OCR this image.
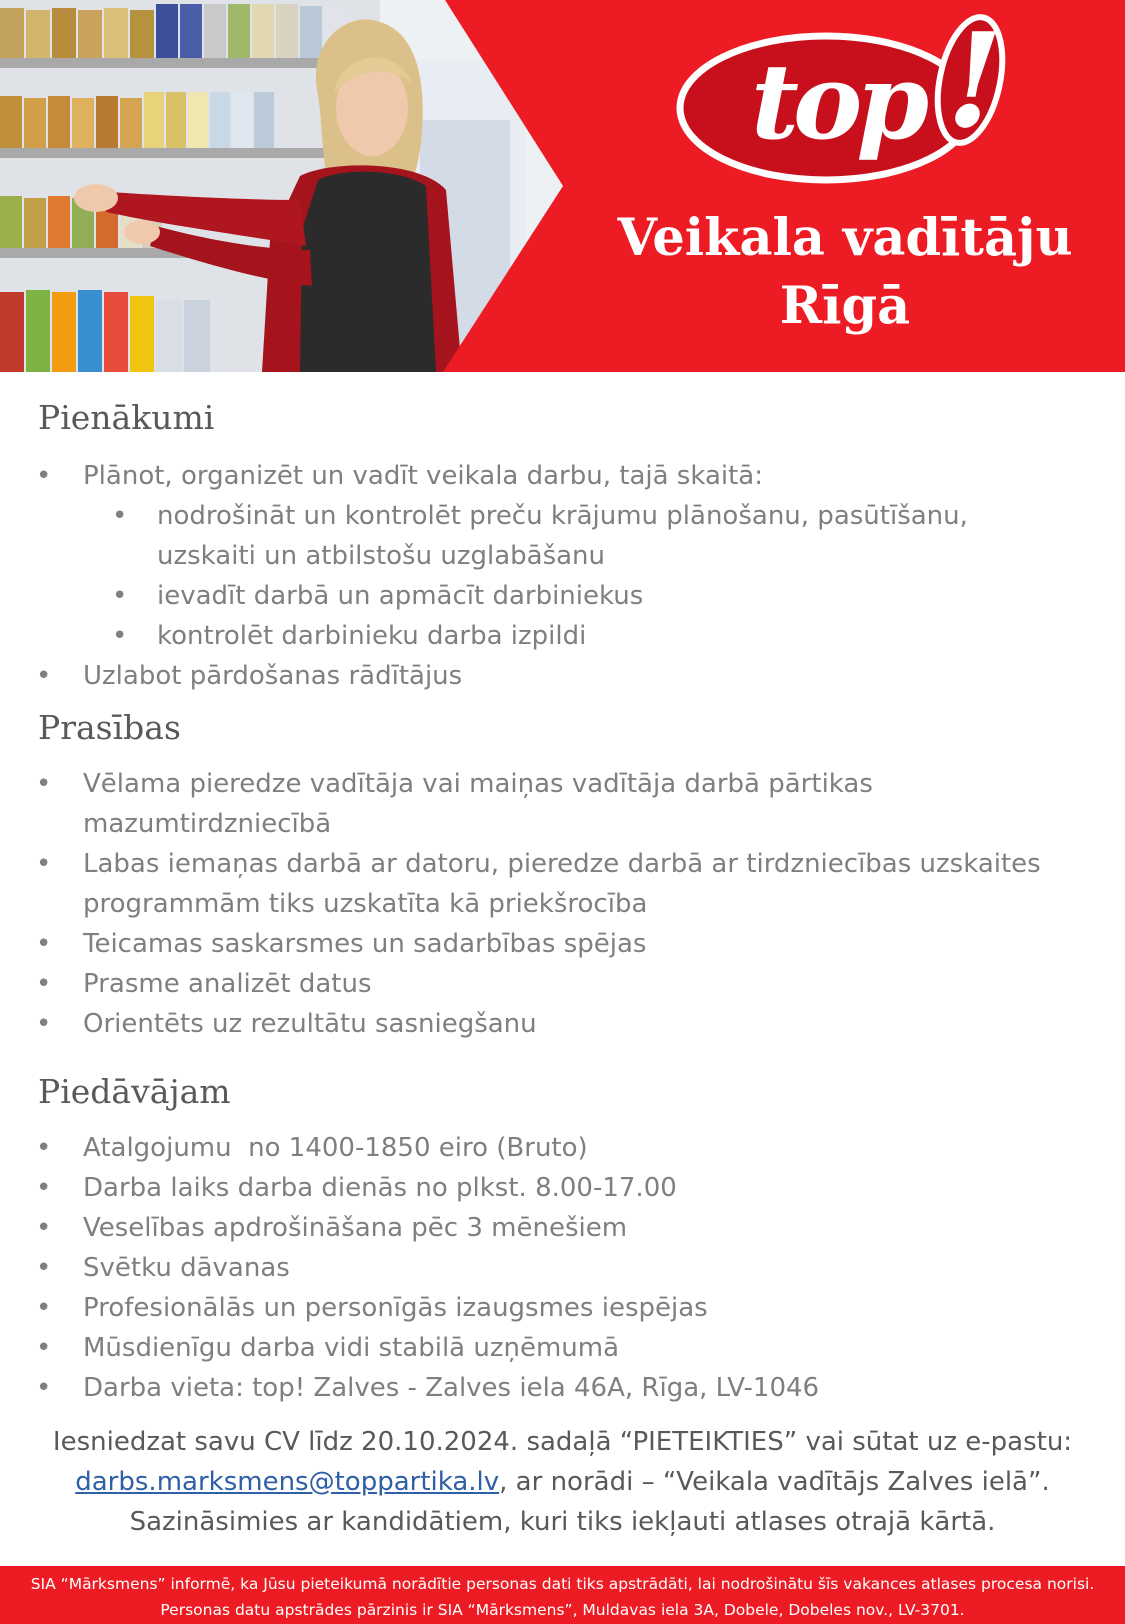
top !
Veikala vadītāju
Rīgā
Pienākumi
• Plānot, organizēt un vadīt veikala darbu, tajā skaitā:
• nodrošināt un kontrolēt preču krājumu plānošanu, pasūtīšanu, uzskaiti un atbilstošu uzglabāšanu
• ievadīt darbā un apmācīt darbiniekus
• kontrolēt darbinieku darba izpildi
• Uzlabot pārdošanas rādītājus
Prasības
• Vēlama pieredze vadītāja vai maiņas vadītāja darbā pārtikas mazumtirdzniecībā
• Labas iemaņas darbā ar datoru, pieredze darbā ar tirdzniecības uzskaites programmām tiks uzskatīta kā priekšrocība
• Teicamas saskarsmes un sadarbības spējas
• Prasme analizēt datus
• Orientēts uz rezultātu sasniegšanu
Piedāvājam
• Atalgojumu  no 1400-1850 eiro (Bruto)
• Darba laiks darba dienās no plkst. 8.00-17.00
• Veselības apdrošināšana pēc 3 mēnešiem
• Svētku dāvanas
• Profesionālās un personīgās izaugsmes iespējas
• Mūsdienīgu darba vidi stabilā uzņēmumā
• Darba vieta: top! Zalves - Zalves iela 46A, Rīga, LV-1046
Iesniedzat savu CV līdz 20.10.2024. sadaļā “PIETEIKTIES” vai sūtat uz e-pastu:
darbs.marksmens@toppartika.lv, ar norādi – “Veikala vadītājs Zalves ielā”.
Sazināsimies ar kandidātiem, kuri tiks iekļauti atlases otrajā kārtā.
SIA “Mārksmens” informē, ka Jūsu pieteikumā norādītie personas dati tiks apstrādāti, lai nodrošinātu šīs vakances atlases procesa norisi. Personas datu apstrādes pārzinis ir SIA “Mārksmens”, Muldavas iela 3A, Dobele, Dobeles nov., LV-3701.
